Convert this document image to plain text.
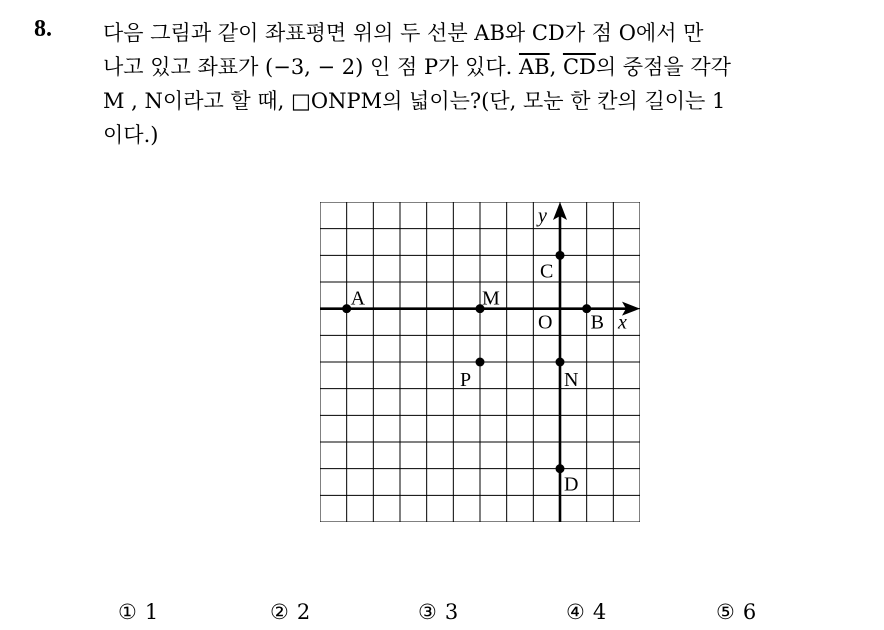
8. 다음 그림과 같이 좌표평면 위의 두 선분 AB와 CD가 점 O에서 만
나고 있고 좌표가 (−3, − 2) 인 점 P가 있다. $\overline{AB}$, $\overline{CD}$의 중점을 각각
M , N이라고 할 때, □ONPM의 넓이는?(단, 모눈 한 칸의 길이는 1
이다.)
x
y
A	M
O B
C
P	N
D
① 1	② 2	③ 3	④ 4	⑤ 6
